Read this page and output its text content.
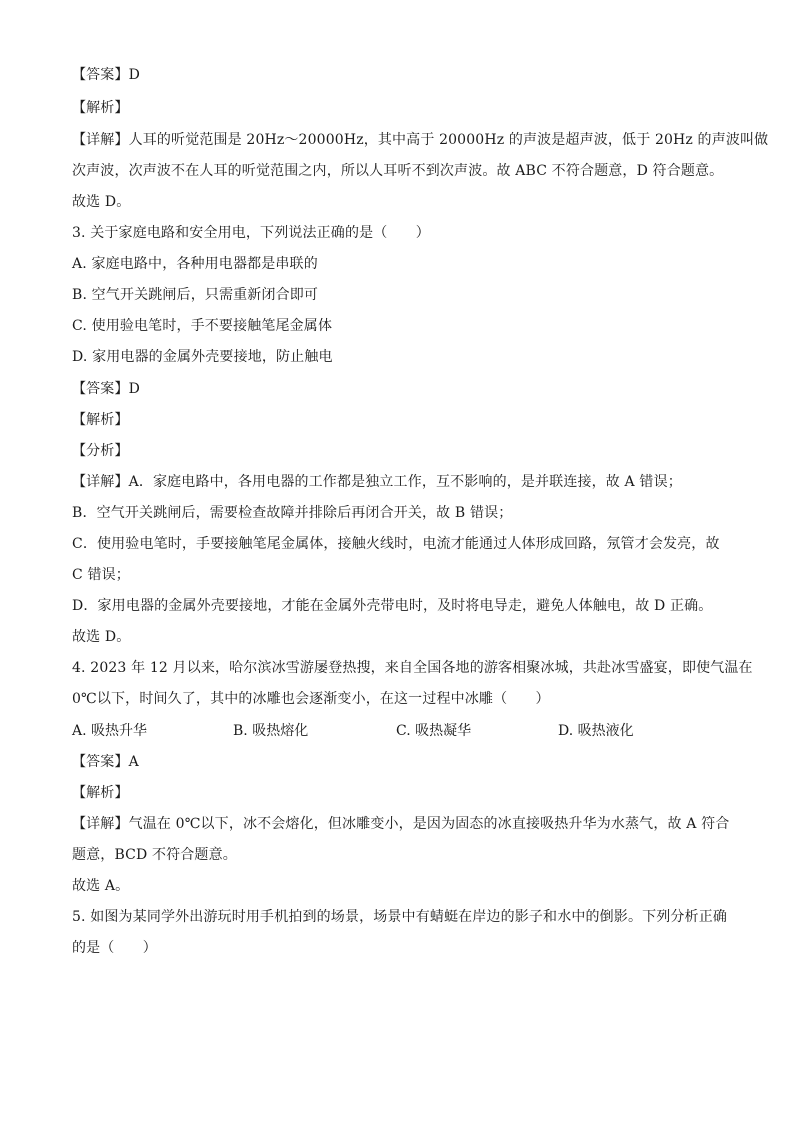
【答案】D
【解析】
【详解】人耳的听觉范围是 20Hz～20000Hz，其中高于 20000Hz 的声波是超声波，低于 20Hz 的声波叫做
次声波，次声波不在人耳的听觉范围之内，所以人耳听不到次声波。故 ABC 不符合题意，D 符合题意。
故选 D。
3. 关于家庭电路和安全用电，下列说法正确的是（　　）
A. 家庭电路中，各种用电器都是串联的
B. 空气开关跳闸后，只需重新闭合即可
C. 使用验电笔时，手不要接触笔尾金属体
D. 家用电器的金属外壳要接地，防止触电
【答案】D
【解析】
【分析】
【详解】A．家庭电路中，各用电器的工作都是独立工作，互不影响的，是并联连接，故 A 错误；
B．空气开关跳闸后，需要检查故障并排除后再闭合开关，故 B 错误；
C．使用验电笔时，手要接触笔尾金属体，接触火线时，电流才能通过人体形成回路，氖管才会发亮，故
C 错误；
D．家用电器的金属外壳要接地，才能在金属外壳带电时，及时将电导走，避免人体触电，故 D 正确。
故选 D。
4. 2023 年 12 月以来，哈尔滨冰雪游屡登热搜，来自全国各地的游客相聚冰城，共赴冰雪盛宴，即使气温在
0℃以下，时间久了，其中的冰雕也会逐渐变小，在这一过程中冰雕（　　）
A. 吸热升华	B. 吸热熔化	C. 吸热凝华	D. 吸热液化
【答案】A
【解析】
【详解】气温在 0℃以下，冰不会熔化，但冰雕变小，是因为固态的冰直接吸热升华为水蒸气，故 A 符合
题意，BCD 不符合题意。
故选 A。
5. 如图为某同学外出游玩时用手机拍到的场景，场景中有蜻蜓在岸边的影子和水中的倒影。下列分析正确
的是（　　）
